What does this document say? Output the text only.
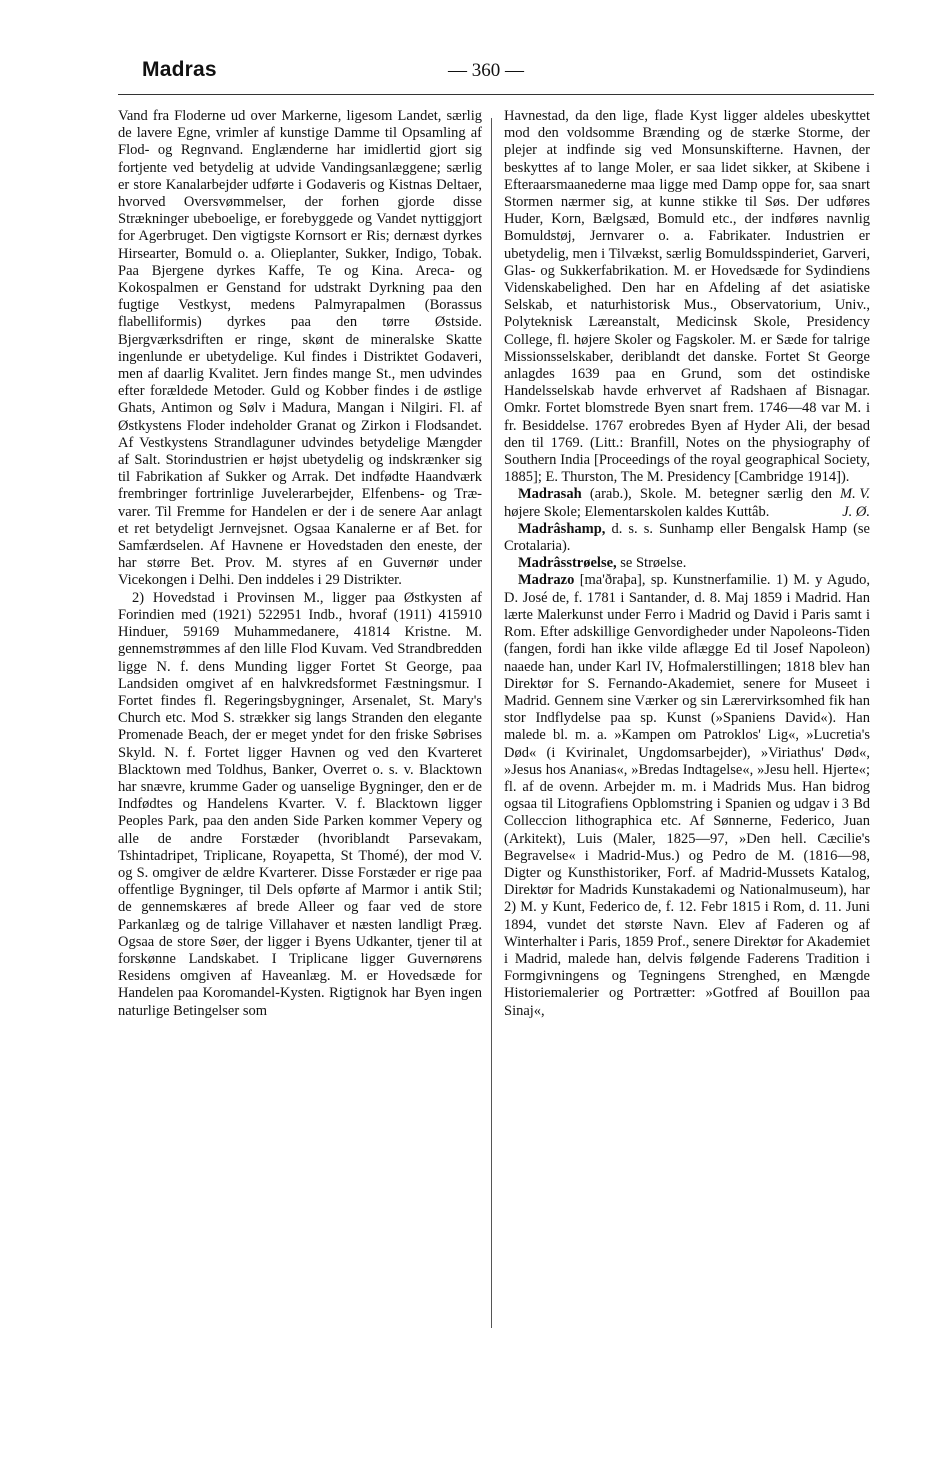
Madras	— 360 —

Vand fra Floderne ud over Markerne, ligesom Landet, særlig de lavere Egne, vrimler af kunstige Damme til Opsamling af Flod- og Regnvand. Englænderne har imidlertid gjort sig fortjente ved betydelig at udvide Vandingsanlæggene; særlig er store Kanalarbejder udførte i Godaveris og Kistnas Deltaer, hvorved Oversvømmelser, der forhen gjorde disse Strækninger ubeboelige, er forebyggede og Vandet nyttiggjort for Agerbruget. Den vigtigste Kornsort er Ris; dernæst dyrkes Hirsearter, Bomuld o. a. Olieplanter, Sukker, Indigo, Tobak. Paa Bjergene dyrkes Kaffe, Te og Kina. Areca- og Kokospalmen er Genstand for udstrakt Dyrkning paa den fugtige Vestkyst, medens Palmyrapalmen (Borassus flabelliformis) dyrkes paa den tørre Østside. Bjergværksdriften er ringe, skønt de mineralske Skatte ingenlunde er ubetydelige. Kul findes i Distriktet Godaveri, men af daarlig Kvalitet. Jern findes mange St., men udvindes efter forældede Metoder. Guld og Kobber findes i de østlige Ghats, Antimon og Sølv i Madura, Mangan i Nilgiri. Fl. af Østkystens Floder indeholder Granat og Zirkon i Flodsandet. Af Vestkystens Strandlaguner udvindes betydelige Mængder af Salt. Storindustrien er højst ubetydelig og indskrænker sig til Fabrikation af Sukker og Arrak. Det indfødte Haandværk frembringer fortrinlige Juvelerarbejder, Elfenbens- og Trævarer. Til Fremme for Handelen er der i de senere Aar anlagt et ret betydeligt Jernvejsnet. Ogsaa Kanalerne er af Bet. for Samfærdselen. Af Havnene er Hovedstaden den eneste, der har større Bet. Prov. M. styres af en Guvernør under Vicekongen i Delhi. Den inddeles i 29 Distrikter.

2) Hovedstad i Provinsen M., ligger paa Østkysten af Forindien med (1921) 522951 Indb., hvoraf (1911) 415910 Hinduer, 59169 Muhammedanere, 41814 Kristne. M. gennemstrømmes af den lille Flod Kuvam. Ved Strandbredden ligge N. f. dens Munding ligger Fortet St George, paa Landsiden omgivet af en halvkredsformet Fæstningsmur. I Fortet findes fl. Regeringsbygninger, Arsenalet, St. Mary's Church etc. Mod S. strækker sig langs Stranden den elegante Promenade Beach, der er meget yndet for den friske Søbrises Skyld. N. f. Fortet ligger Havnen og ved den Kvarteret Blacktown med Toldhus, Banker, Overret o. s. v. Blacktown har snævre, krumme Gader og uanselige Bygninger, den er de Indfødtes og Handelens Kvarter. V. f. Blacktown ligger Peoples Park, paa den anden Side Parken kommer Vepery og alle de andre Forstæder (hvoriblandt Parsevakam, Tshintadripet, Triplicane, Royapetta, St Thomé), der mod V. og S. omgiver de ældre Kvarterer. Disse Forstæder er rige paa offentlige Bygninger, til Dels opførte af Marmor i antik Stil; de gennemskæres af brede Alleer og faar ved de store Parkanlæg og de talrige Villahaver et næsten landligt Præg. Ogsaa de store Søer, der ligger i Byens Udkanter, tjener til at forskønne Landskabet. I Triplicane ligger Guvernørens Residens omgiven af Haveanlæg. M. er Hovedsæde for Handelen paa Koromandel-Kysten. Rigtignok har Byen ingen naturlige Betingelser som

Havnestad, da den lige, flade Kyst ligger aldeles ubeskyttet mod den voldsomme Brænding og de stærke Storme, der plejer at indfinde sig ved Monsunskifterne. Havnen, der beskyttes af to lange Moler, er saa lidet sikker, at Skibene i Efteraarsmaanederne maa ligge med Damp oppe for, saa snart Stormen nærmer sig, at kunne stikke til Søs. Der udføres Huder, Korn, Bælgsæd, Bomuld etc., der indføres navnlig Bomuldstøj, Jernvarer o. a. Fabrikater. Industrien er ubetydelig, men i Tilvækst, særlig Bomuldsspinderiet, Garveri, Glas- og Sukkerfabrikation. M. er Hovedsæde for Sydindiens Videnskabelighed. Den har en Afdeling af det asiatiske Selskab, et naturhistorisk Mus., Observatorium, Univ., Polyteknisk Læreanstalt, Medicinsk Skole, Presidency College, fl. højere Skoler og Fagskoler. M. er Sæde for talrige Missionsselskaber, deriblandt det danske. Fortet St George anlagdes 1639 paa en Grund, som det ostindiske Handelsselskab havde erhvervet af Radshaen af Bisnagar. Omkr. Fortet blomstrede Byen snart frem. 1746—48 var M. i fr. Besiddelse. 1767 erobredes Byen af Hyder Ali, der besad den til 1769. (Litt.: Branfill, Notes on the physiography of Southern India [Proceedings of the royal geographical Society, 1885]; E. Thurston, The M. Presidency [Cambridge 1914]).
M. V.

Madrasah (arab.), Skole. M. betegner særlig den højere Skole; Elementarskolen kaldes Kuttâb.	J. Ø.

Madrâshamp, d. s. s. Sunhamp eller Bengalsk Hamp (se Crotalaria).

Madrâsstrøelse, se Strøelse.

Madrazo [ma'ðraþa], sp. Kunstnerfamilie. 1) M. y Agudo, D. José de, f. 1781 i Santander, d. 8. Maj 1859 i Madrid. Han lærte Malerkunst under Ferro i Madrid og David i Paris samt i Rom. Efter adskillige Genvordigheder under Napoleons-Tiden (fangen, fordi han ikke vilde aflægge Ed til Josef Napoleon) naaede han, under Karl IV, Hofmalerstillingen; 1818 blev han Direktør for S. Fernando-Akademiet, senere for Museet i Madrid. Gennem sine Værker og sin Lærervirksomhed fik han stor Indflydelse paa sp. Kunst (»Spaniens David«). Han malede bl. m. a. »Kampen om Patroklos' Lig«, »Lucretia's Død« (i Kvirinalet, Ungdomsarbejder), »Viriathus' Død«, »Jesus hos Ananias«, »Bredas Indtagelse«, »Jesu hell. Hjerte«; fl. af de ovenn. Arbejder m. m. i Madrids Mus. Han bidrog ogsaa til Litografiens Opblomstring i Spanien og udgav i 3 Bd Colleccion lithographica etc. Af Sønnerne, Federico, Juan (Arkitekt), Luis (Maler, 1825—97, »Den hell. Cæcilie's Begravelse« i Madrid-Mus.) og Pedro de M. (1816—98, Digter og Kunsthistoriker, Forf. af Madrid-Mussets Katalog, Direktør for Madrids Kunstakademi og Nationalmuseum), har 2) M. y Kunt, Federico de, f. 12. Febr 1815 i Rom, d. 11. Juni 1894, vundet det største Navn. Elev af Faderen og af Winterhalter i Paris, 1859 Prof., senere Direktør for Akademiet i Madrid, malede han, delvis følgende Faderens Tradition i Formgivningens og Tegningens Strenghed, en Mængde Historiemalerier og Portrætter: »Gotfred af Bouillon paa Sinaj«,
